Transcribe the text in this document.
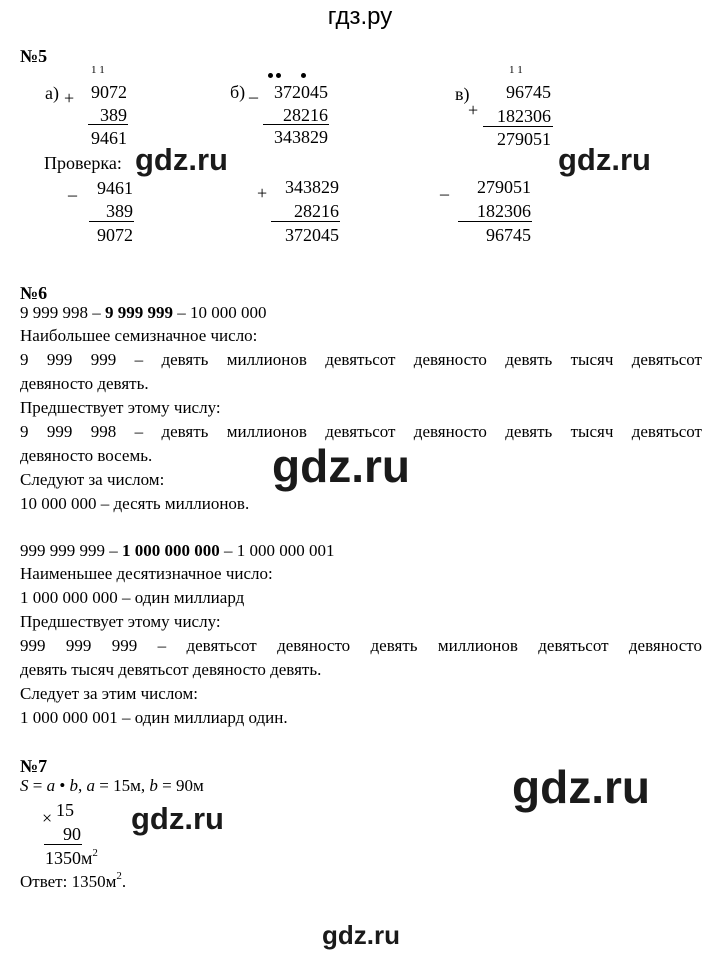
гдз.ру
№5
1 1
а) + 9072
389
9461
б) _ 372045
28216
343829
1 1
в)
+
96745
182306
279051
Проверка:
_	9461
389
9072
+ 343829
28216
372045
_	279051
182306
96745
№6
9 999 998 – 9 999 999 – 10 000 000
Наибольшее семизначное число:
9 999 999 – девять миллионов девятьсот девяносто девять тысяч девятьсот
девяносто девять.
Предшествует этому числу:
9 999 998 – девять миллионов девятьсот девяносто девять тысяч девятьсот
девяносто восемь.
Следуют за числом:
10 000 000 – десять миллионов.
999 999 999 – 1 000 000 000 – 1 000 000 001
Наименьшее десятизначное число:
1 000 000 000 – один миллиард
Предшествует этому числу:
999 999 999 – девятьсот девяносто девять миллионов девятьсот девяносто
девять тысяч девятьсот девяносто девять.
Следует за этим числом:
1 000 000 001 – один миллиард один.
№7
S = a • b, a = 15м, b = 90м
× 15
90
$1350м^2$
Ответ: $1350м^2$.
gdz.ru	gdz.ru
gdz.ru
gdz.ru
gdz.ru
gdz.ru
